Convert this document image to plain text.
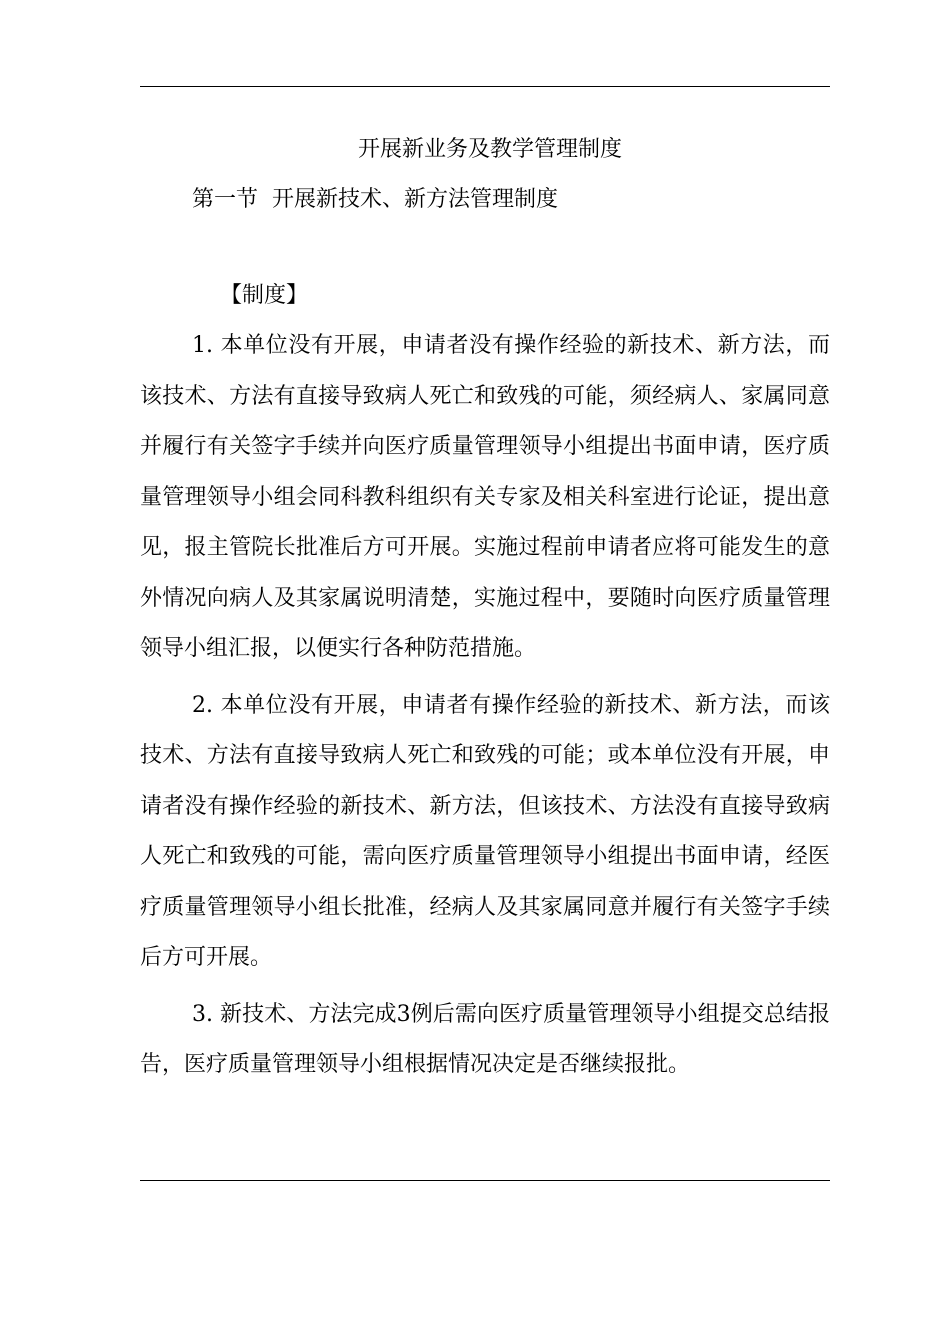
开展新业务及教学管理制度

第一节 开展新技术、新方法管理制度

【制度】

1. 本单位没有开展，申请者没有操作经验的新技术、新方法，而该技术、方法有直接导致病人死亡和致残的可能，须经病人、家属同意并履行有关签字手续并向医疗质量管理领导小组提出书面申请，医疗质量管理领导小组会同科教科组织有关专家及相关科室进行论证，提出意见，报主管院长批准后方可开展。实施过程前申请者应将可能发生的意外情况向病人及其家属说明清楚，实施过程中，要随时向医疗质量管理领导小组汇报，以便实行各种防范措施。

2. 本单位没有开展，申请者有操作经验的新技术、新方法，而该技术、方法有直接导致病人死亡和致残的可能；或本单位没有开展，申请者没有操作经验的新技术、新方法，但该技术、方法没有直接导致病人死亡和致残的可能，需向医疗质量管理领导小组提出书面申请，经医疗质量管理领导小组长批准，经病人及其家属同意并履行有关签字手续后方可开展。

3. 新技术、方法完成3例后需向医疗质量管理领导小组提交总结报告，医疗质量管理领导小组根据情况决定是否继续报批。
